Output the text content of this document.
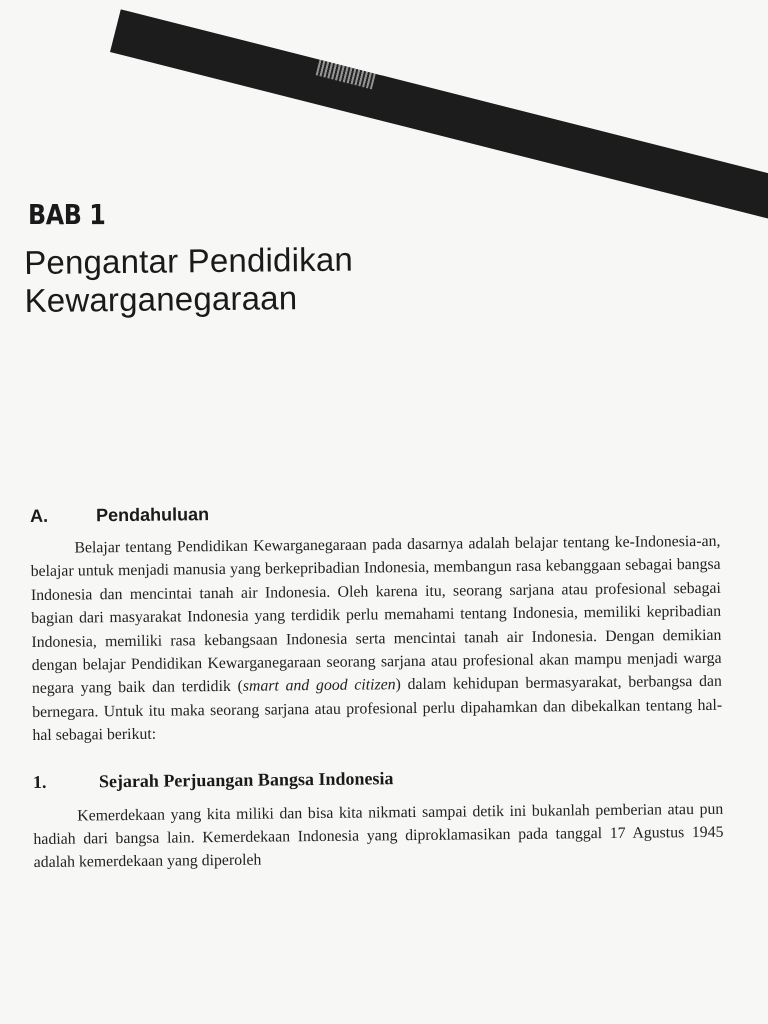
BAB 1
Pengantar Pendidikan
Kewarganegaraan
A.	Pendahuluan

Belajar tentang Pendidikan Kewarganegaraan pada dasarnya adalah belajar tentang ke-Indonesia-an, belajar untuk menjadi manusia yang berkepribadian Indonesia, membangun rasa kebanggaan sebagai bangsa Indonesia dan mencintai tanah air Indonesia. Oleh karena itu, seorang sarjana atau profesional sebagai bagian dari masyarakat Indonesia yang terdidik perlu memahami tentang Indonesia, memiliki kepribadian Indonesia, memiliki rasa kebangsaan Indonesia serta mencintai tanah air Indonesia. Dengan demikian dengan belajar Pendidikan Kewarganegaraan seorang sarjana atau profesional akan mampu menjadi warga negara yang baik dan terdidik (smart and good citizen) dalam kehidupan bermasyarakat, berbangsa dan bernegara. Untuk itu maka seorang sarjana atau profesional perlu dipahamkan dan dibekalkan tentang hal-hal sebagai berikut:

1.	Sejarah Perjuangan Bangsa Indonesia

Kemerdekaan yang kita miliki dan bisa kita nikmati sampai detik ini bukanlah pemberian atau pun hadiah dari bangsa lain. Kemerdekaan Indonesia yang diproklamasikan pada tanggal 17 Agustus 1945 adalah kemerdekaan yang diperoleh
